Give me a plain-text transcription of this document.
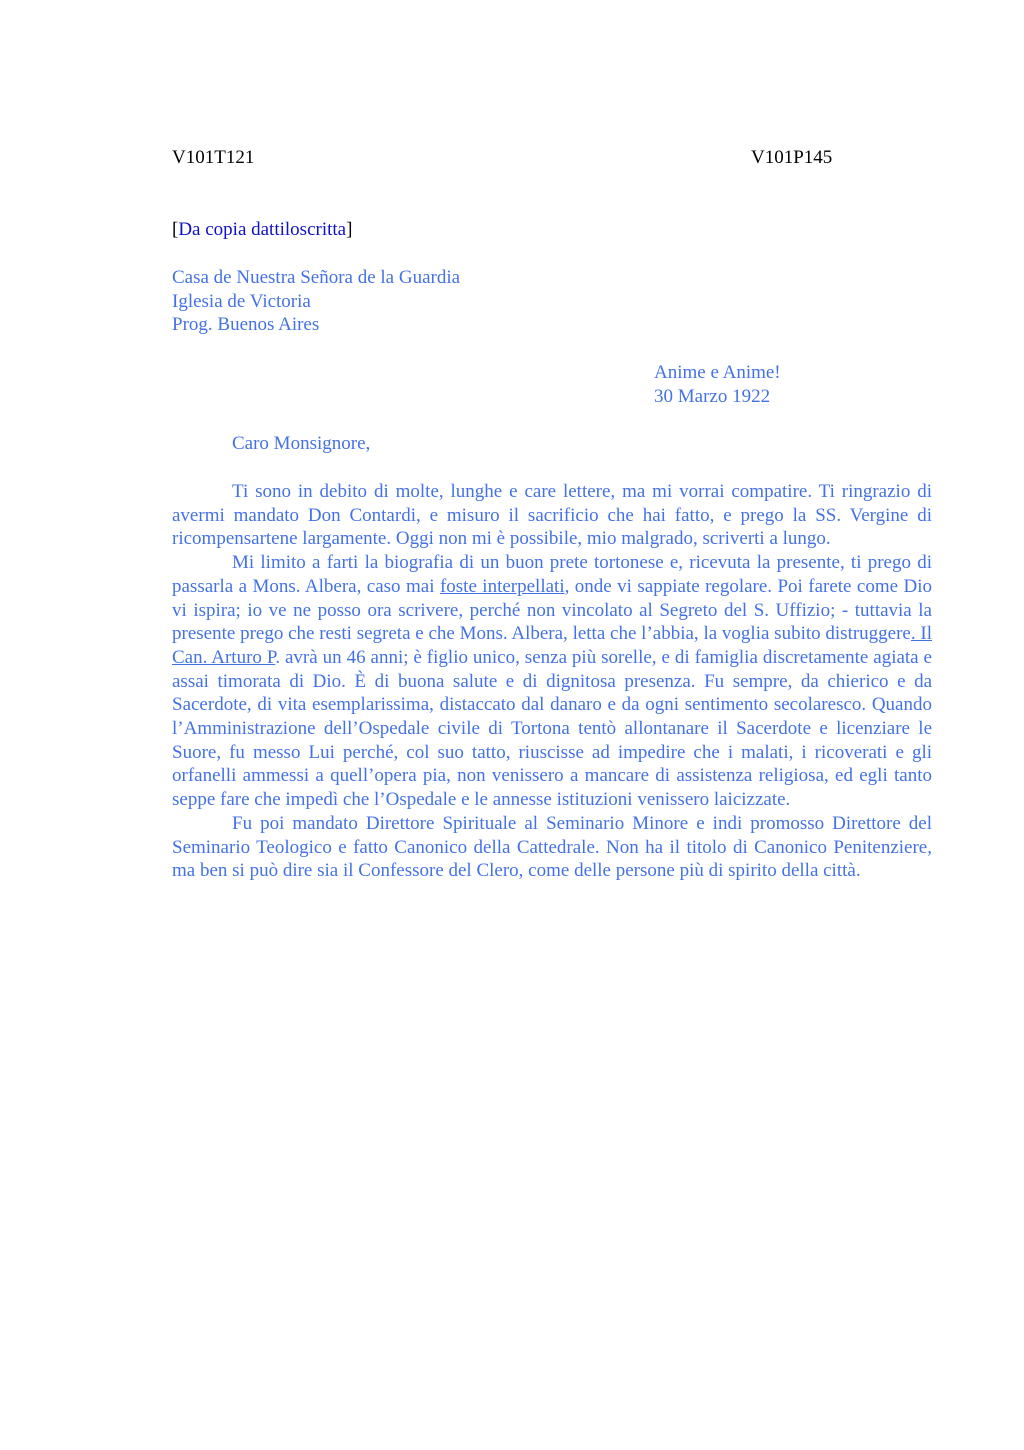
V101T121	V101P145
[Da copia dattiloscritta]
Casa de Nuestra Señora de la Guardia
Iglesia de Victoria
Prog. Buenos Aires
Anime e Anime!
30 Marzo 1922
Caro Monsignore,

Ti sono in debito di molte, lunghe e care lettere, ma mi vorrai compatire. Ti ringrazio di avermi mandato Don Contardi, e misuro il sacrificio che hai fatto, e prego la SS. Vergine di ricompensartene largamente. Oggi non mi è possibile, mio malgrado, scriverti a lungo.

Mi limito a farti la biografia di un buon prete tortonese e, ricevuta la presente, ti prego di passarla a Mons. Albera, caso mai foste interpellati, onde vi sappiate regolare. Poi farete come Dio vi ispira; io ve ne posso ora scrivere, perché non vincolato al Segreto del S. Uffizio; - tuttavia la presente prego che resti segreta e che Mons. Albera, letta che l’abbia, la voglia subito distruggere. Il Can. Arturo P. avrà un 46 anni; è figlio unico, senza più sorelle, e di famiglia discretamente agiata e assai timorata di Dio. È di buona salute e di dignitosa presenza. Fu sempre, da chierico e da Sacerdote, di vita esemplarissima, distaccato dal danaro e da ogni sentimento secolaresco. Quando l’Amministrazione dell’Ospedale civile di Tortona tentò allontanare il Sacerdote e licenziare le Suore, fu messo Lui perché, col suo tatto, riuscisse ad impedire che i malati, i ricoverati e gli orfanelli ammessi a quell’opera pia, non venissero a mancare di assistenza religiosa, ed egli tanto seppe fare che impedì che l’Ospedale e le annesse istituzioni venissero laicizzate.

Fu poi mandato Direttore Spirituale al Seminario Minore e indi promosso Direttore del Seminario Teologico e fatto Canonico della Cattedrale. Non ha il titolo di Canonico Penitenziere, ma ben si può dire sia il Confessore del Clero, come delle persone più di spirito della città.
